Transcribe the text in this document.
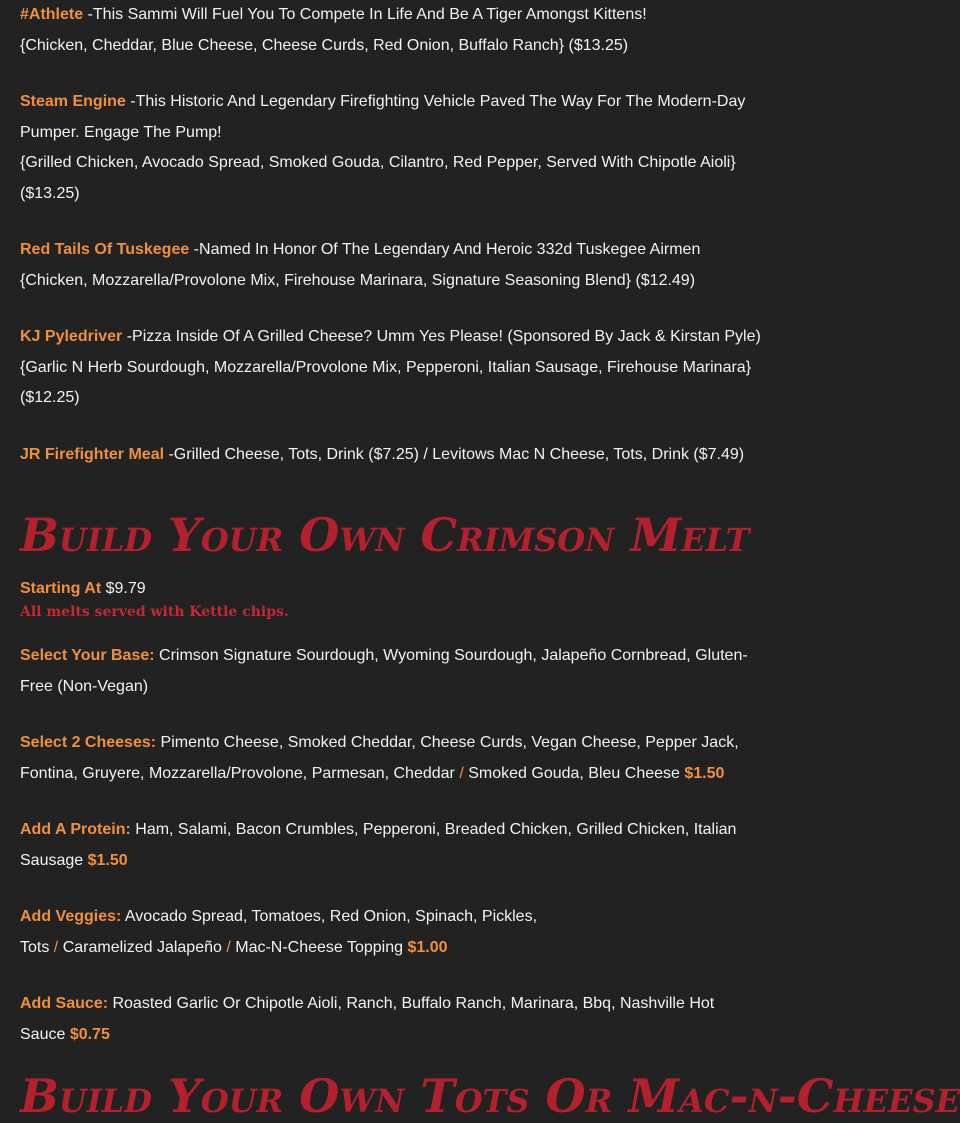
#Athlete -This Sammi Will Fuel You To Compete In Life And Be A Tiger Amongst Kittens!

{Chicken, Cheddar, Blue Cheese, Cheese Curds, Red Onion, Buffalo Ranch} ($13.25)

Steam Engine -This Historic And Legendary Firefighting Vehicle Paved The Way For The Modern-Day Pumper. Engage The Pump!

{Grilled Chicken, Avocado Spread, Smoked Gouda, Cilantro, Red Pepper, Served With Chipotle Aioli} ($13.25)

Red Tails Of Tuskegee -Named In Honor Of The Legendary And Heroic 332d Tuskegee Airmen

{Chicken, Mozzarella/Provolone Mix, Firehouse Marinara, Signature Seasoning Blend} ($12.49)

KJ Pyledriver -Pizza Inside Of A Grilled Cheese? Umm Yes Please! (Sponsored By Jack & Kirstan Pyle)

{Garlic N Herb Sourdough, Mozzarella/Provolone Mix, Pepperoni, Italian Sausage, Firehouse Marinara} ($12.25)

JR Firefighter Meal -Grilled Cheese, Tots, Drink ($7.25) / Levitows Mac N Cheese, Tots, Drink ($7.49)

Build Your Own Crimson Melt

Starting At $9.79

All melts served with Kettle chips.

Select Your Base: Crimson Signature Sourdough, Wyoming Sourdough, Jalapeño Cornbread, Gluten-Free (Non-Vegan)

Select 2 Cheeses: Pimento Cheese, Smoked Cheddar, Cheese Curds, Vegan Cheese, Pepper Jack, Fontina, Gruyere, Mozzarella/Provolone, Parmesan, Cheddar / Smoked Gouda, Bleu Cheese $1.50

Add A Protein: Ham, Salami, Bacon Crumbles, Pepperoni, Breaded Chicken, Grilled Chicken, Italian Sausage $1.50

Add Veggies: Avocado Spread, Tomatoes, Red Onion, Spinach, Pickles,

Tots / Caramelized Jalapeño / Mac-N-Cheese Topping $1.00

Add Sauce: Roasted Garlic Or Chipotle Aioli, Ranch, Buffalo Ranch, Marinara, Bbq, Nashville Hot

Sauce $0.75

Build Your Own Tots Or Mac-n-Cheese
